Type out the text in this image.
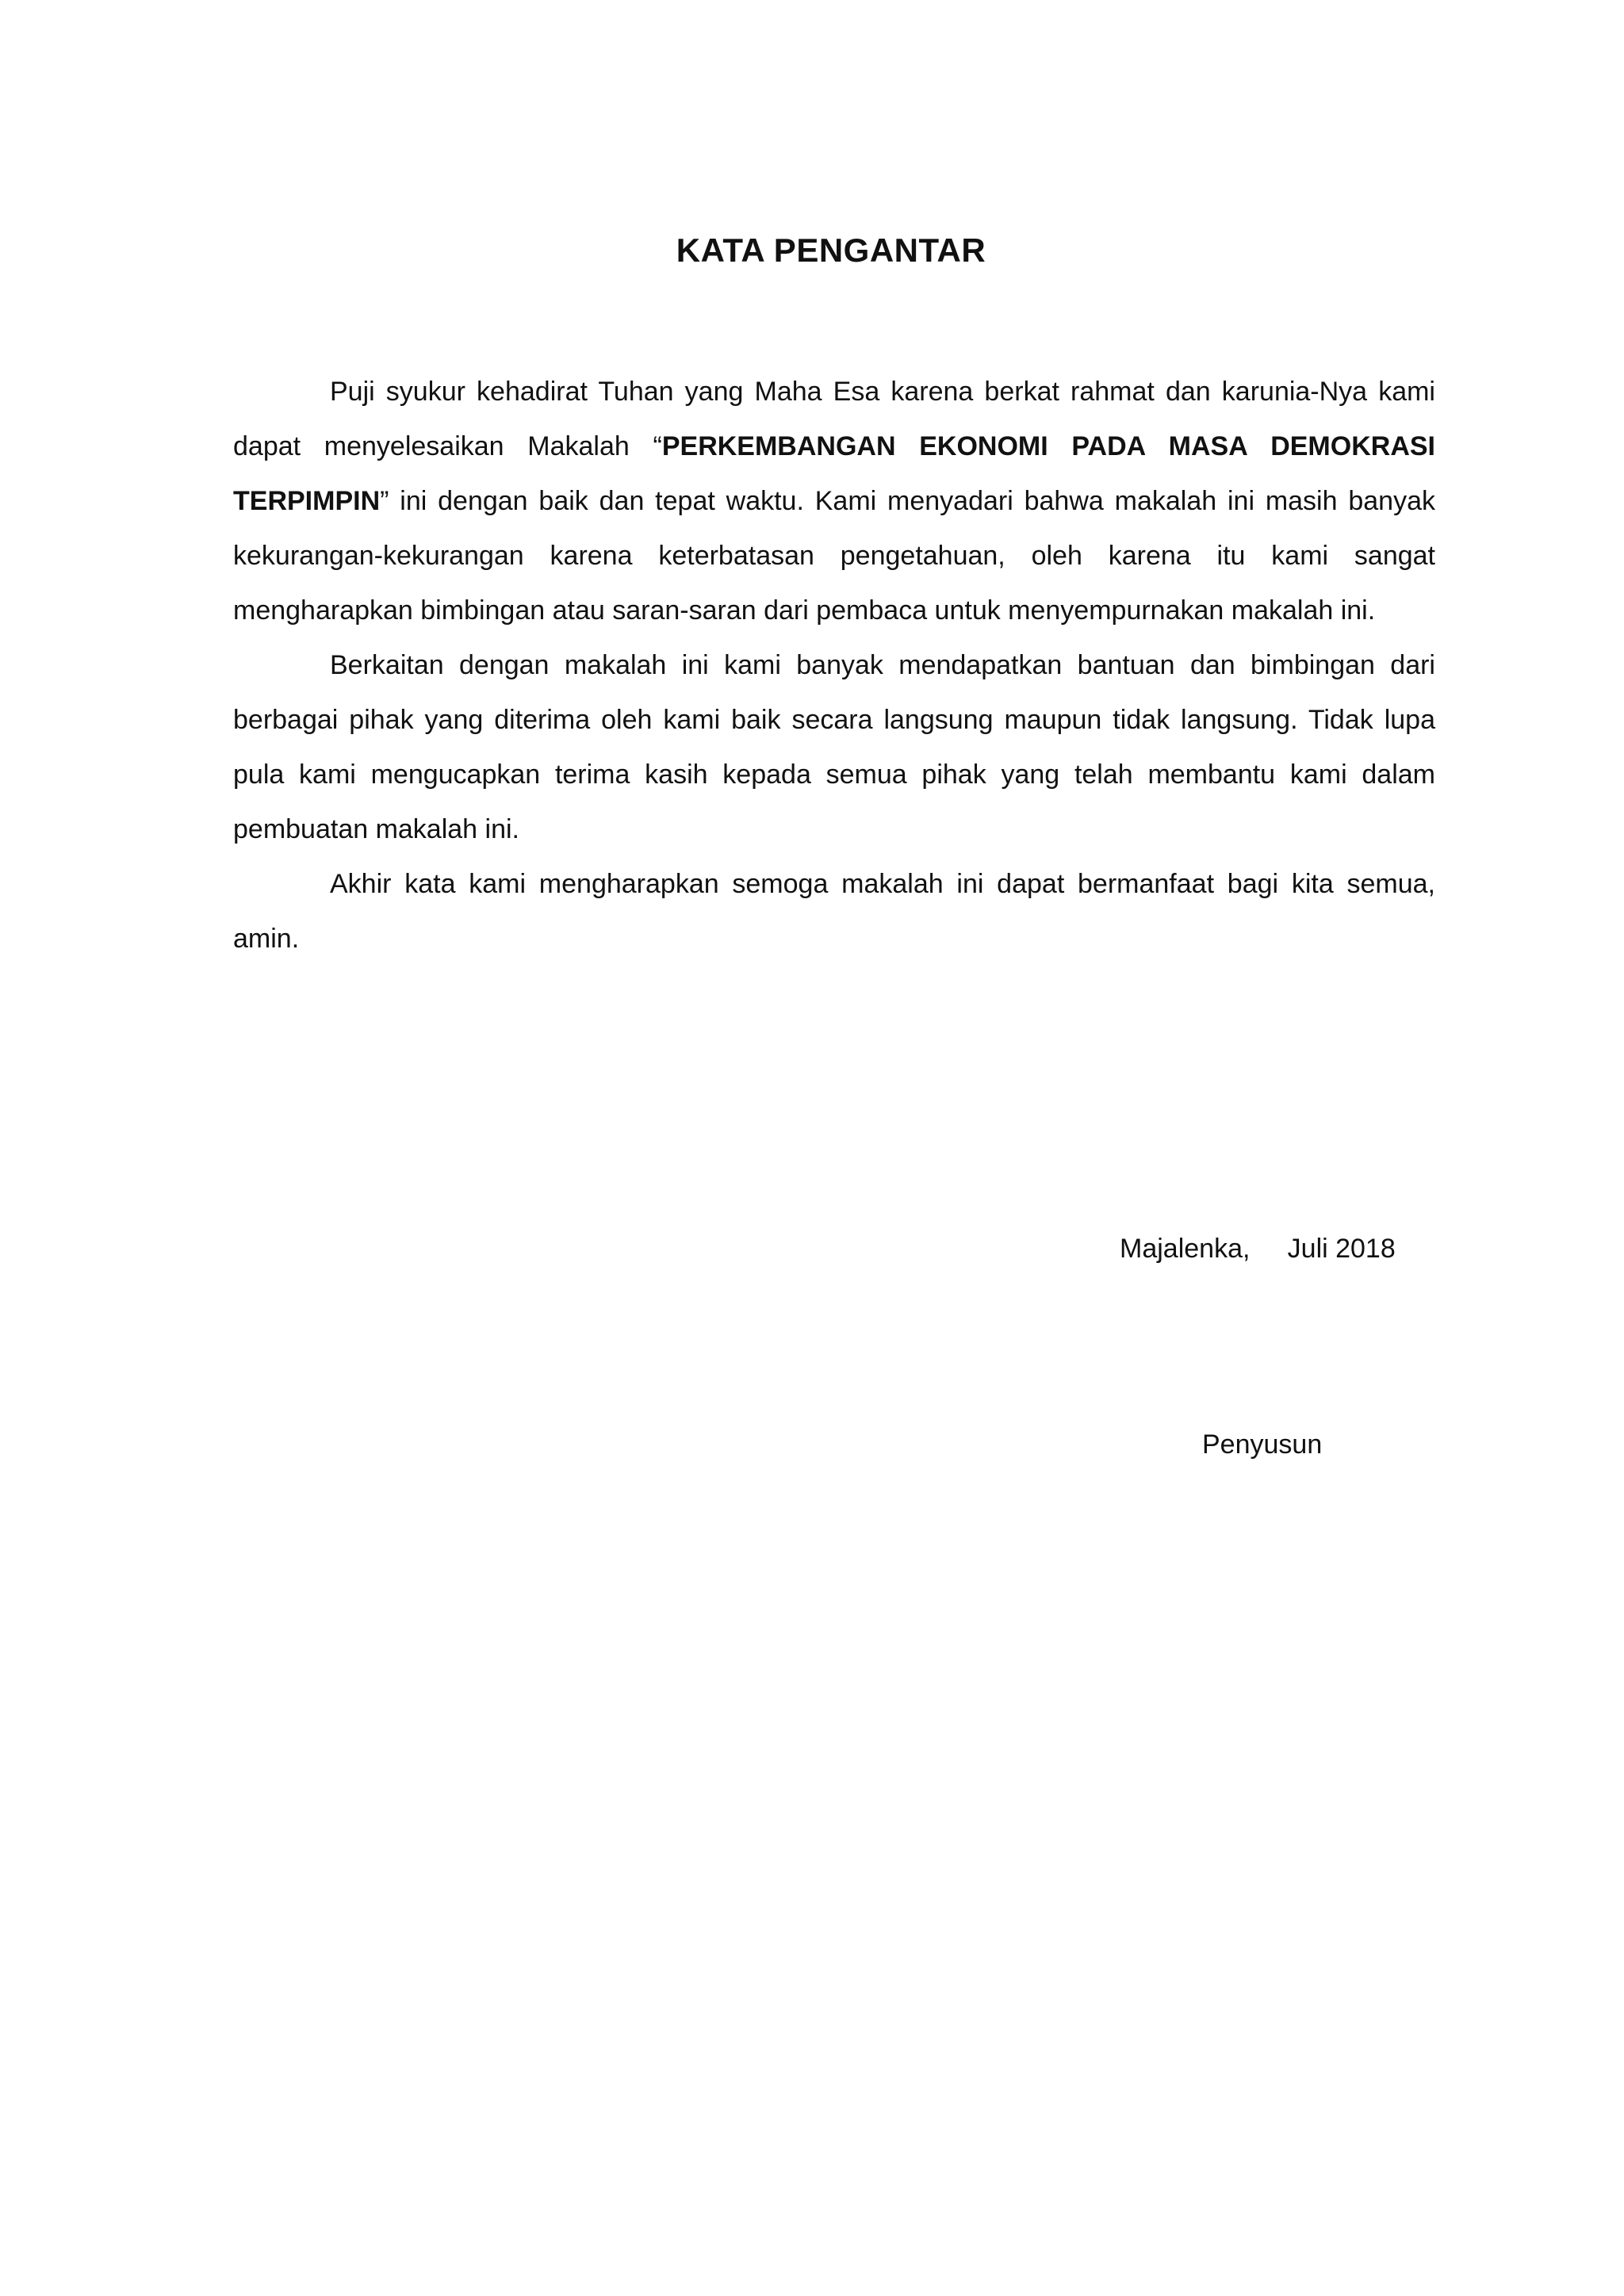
KATA PENGANTAR

Puji syukur kehadirat Tuhan yang Maha Esa karena berkat rahmat dan karunia-Nya kami dapat menyelesaikan Makalah “PERKEMBANGAN EKONOMI PADA MASA DEMOKRASI TERPIMPIN” ini dengan baik dan tepat waktu. Kami menyadari bahwa makalah ini masih banyak kekurangan-kekurangan karena keterbatasan pengetahuan, oleh karena itu kami sangat mengharapkan bimbingan atau saran-saran dari pembaca untuk menyempurnakan makalah ini.

Berkaitan dengan makalah ini kami banyak mendapatkan bantuan dan bimbingan dari berbagai pihak yang diterima oleh kami baik secara langsung maupun tidak langsung. Tidak lupa pula kami mengucapkan terima kasih kepada semua pihak yang telah membantu kami dalam pembuatan makalah ini.

Akhir kata kami mengharapkan semoga makalah ini dapat bermanfaat bagi kita semua, amin.

Majalenka,     Juli 2018
Penyusun
